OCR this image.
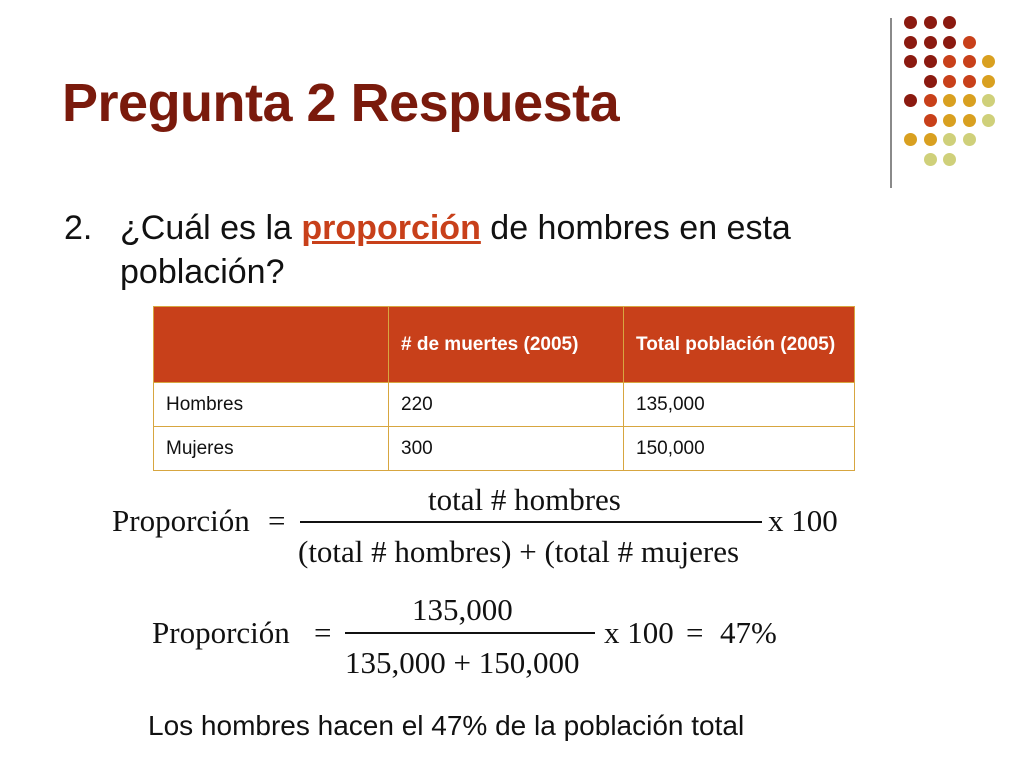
Pregunta 2 Respuesta
2. ¿Cuál es la proporción de hombres en esta población?
	# de muertes (2005)	Total población (2005)
Hombres	220	135,000
Mujeres	300	150,000
Proporción =
total # hombres
(total # hombres) + (total # mujeres
x 100
Proporción =
135,000
135,000 + 150,000
x 100 = 47%
Los hombres hacen el 47% de la población total
